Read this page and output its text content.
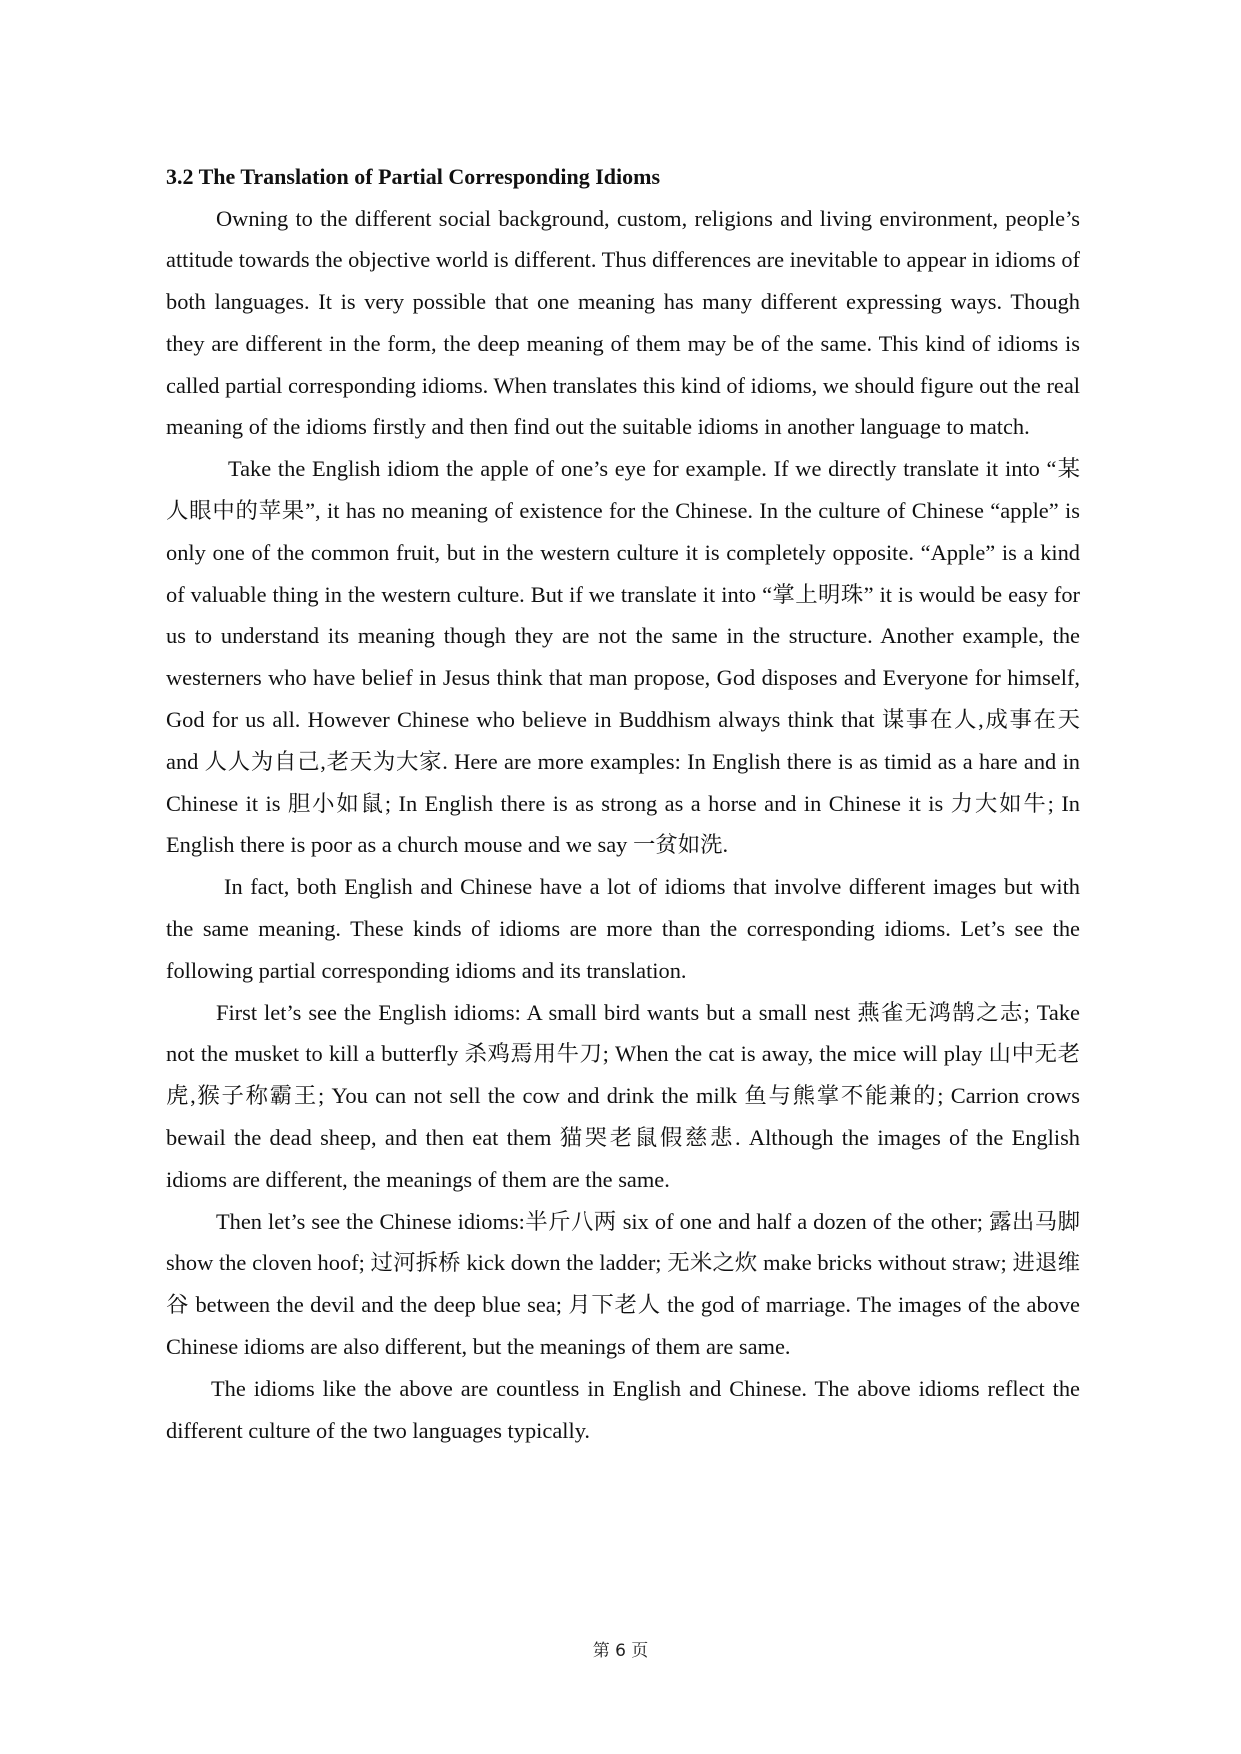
3.2 The Translation of Partial Corresponding Idioms

Owning to the different social background, custom, religions and living environment, people’s attitude towards the objective world is different. Thus differences are inevitable to appear in idioms of both languages. It is very possible that one meaning has many different expressing ways. Though they are different in the form, the deep meaning of them may be of the same. This kind of idioms is called partial corresponding idioms. When translates this kind of idioms, we should figure out the real meaning of the idioms firstly and then find out the suitable idioms in another language to match.

Take the English idiom the apple of one’s eye for example. If we directly translate it into “某人眼中的苹果”, it has no meaning of existence for the Chinese. In the culture of Chinese “apple” is only one of the common fruit, but in the western culture it is completely opposite. “Apple” is a kind of valuable thing in the western culture. But if we translate it into “掌上明珠” it is would be easy for us to understand its meaning though they are not the same in the structure. Another example, the westerners who have belief in Jesus think that man propose, God disposes and Everyone for himself, God for us all. However Chinese who believe in Buddhism always think that 谋事在人,成事在天 and 人人为自己,老天为大家. Here are more examples: In English there is as timid as a hare and in Chinese it is 胆小如鼠; In English there is as strong as a horse and in Chinese it is 力大如牛; In English there is poor as a church mouse and we say 一贫如洗.

In fact, both English and Chinese have a lot of idioms that involve different images but with the same meaning. These kinds of idioms are more than the corresponding idioms. Let’s see the following partial corresponding idioms and its translation.

First let’s see the English idioms: A small bird wants but a small nest 燕雀无鸿鹄之志; Take not the musket to kill a butterfly 杀鸡焉用牛刀; When the cat is away, the mice will play 山中无老虎,猴子称霸王; You can not sell the cow and drink the milk 鱼与熊掌不能兼的; Carrion crows bewail the dead sheep, and then eat them 猫哭老鼠假慈悲. Although the images of the English idioms are different, the meanings of them are the same.

Then let’s see the Chinese idioms:半斤八两 six of one and half a dozen of the other; 露出马脚 show the cloven hoof; 过河拆桥 kick down the ladder; 无米之炊 make bricks without straw; 进退维谷 between the devil and the deep blue sea; 月下老人 the god of marriage. The images of the above Chinese idioms are also different, but the meanings of them are same.

The idioms like the above are countless in English and Chinese. The above idioms reflect the different culture of the two languages typically.

第 6 页
